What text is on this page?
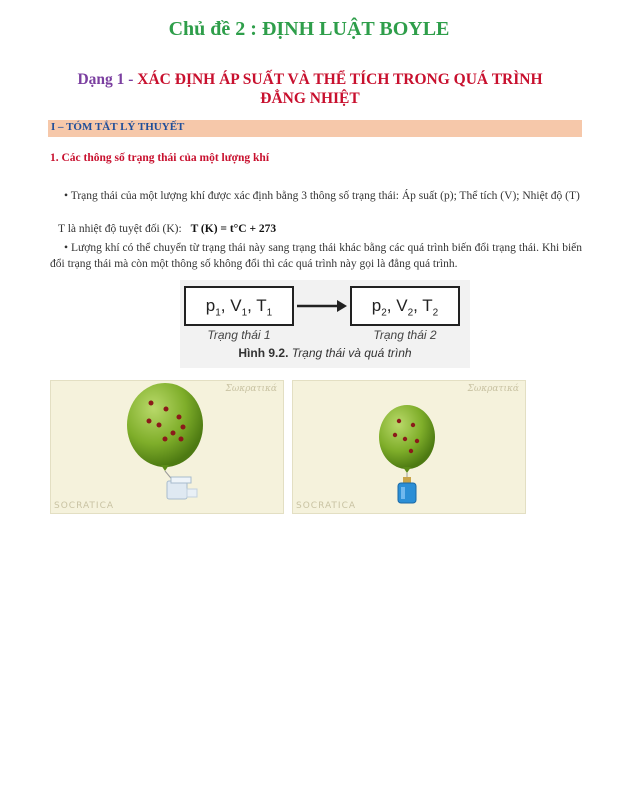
Chủ đề 2 : ĐỊNH LUẬT BOYLE
Dạng 1 - XÁC ĐỊNH ÁP SUẤT VÀ THỂ TÍCH TRONG QUÁ TRÌNH ĐẲNG NHIỆT
I – TÓM TẮT LÝ THUYẾT
1. Các thông số trạng thái của một lượng khí
• Trạng thái của một lượng khí được xác định bằng 3 thông số trạng thái: Áp suất (p); Thể tích (V); Nhiệt độ (T)
T là nhiệt độ tuyệt đối (K): T (K) = t°C + 273
• Lượng khí có thể chuyển từ trạng thái này sang trạng thái khác bằng các quá trình biến đổi trạng thái. Khi biến đổi trạng thái mà còn một thông số không đổi thì các quá trình này gọi là đẳng quá trình.
$p_1$, $V_1$, $T_1$	$p_2$, $V_2$, $T_2$
Trạng thái 1	Trạng thái 2
Hình 9.2. Trạng thái và quá trình
Σωκρατικά
SOCRATICA
Σωκρατικά
SOCRATICA
